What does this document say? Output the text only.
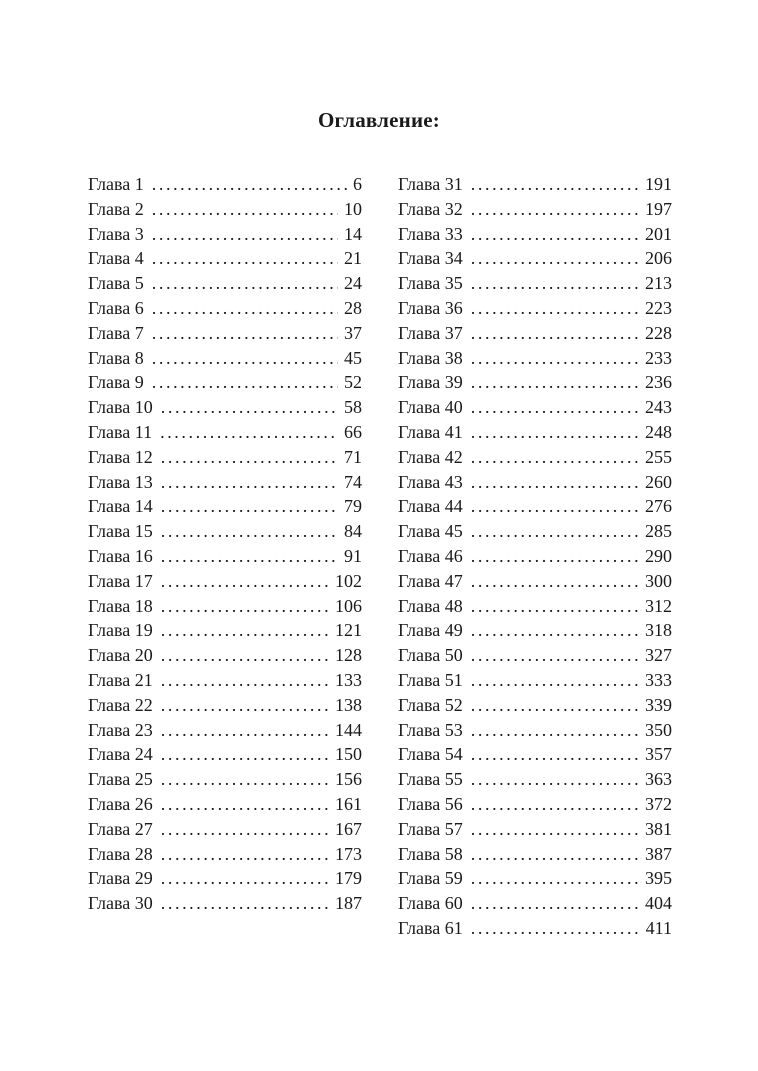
Оглавление:
Глава 1 .....	6
Глава 2 .....	10
Глава 3 .....	14
Глава 4 .....	21
Глава 5 .....	24
Глава 6 .....	28
Глава 7 .....	37
Глава 8 .....	45
Глава 9 .....	52
Глава 10 .....	58
Глава 11 .....	66
Глава 12 .....	71
Глава 13 .....	74
Глава 14 .....	79
Глава 15 .....	84
Глава 16 .....	91
Глава 17 .....	102
Глава 18 .....	106
Глава 19 .....	121
Глава 20 .....	128
Глава 21 .....	133
Глава 22 .....	138
Глава 23 .....	144
Глава 24 .....	150
Глава 25 .....	156
Глава 26 .....	161
Глава 27 .....	167
Глава 28 .....	173
Глава 29 .....	179
Глава 30 .....	187
Глава 31 .....	191
Глава 32 .....	197
Глава 33 .....	201
Глава 34 .....	206
Глава 35 .....	213
Глава 36 .....	223
Глава 37 .....	228
Глава 38 .....	233
Глава 39 .....	236
Глава 40 .....	243
Глава 41 .....	248
Глава 42 .....	255
Глава 43 .....	260
Глава 44 .....	276
Глава 45 .....	285
Глава 46 .....	290
Глава 47 .....	300
Глава 48 .....	312
Глава 49 .....	318
Глава 50 .....	327
Глава 51 .....	333
Глава 52 .....	339
Глава 53 .....	350
Глава 54 .....	357
Глава 55 .....	363
Глава 56 .....	372
Глава 57 .....	381
Глава 58 .....	387
Глава 59 .....	395
Глава 60 .....	404
Глава 61 .....	411
